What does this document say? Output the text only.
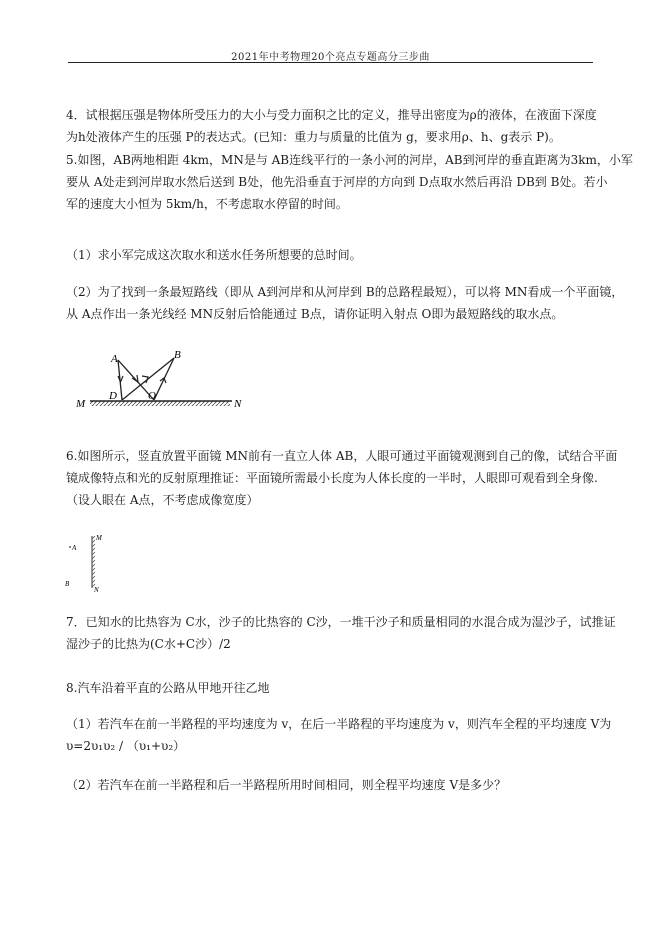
2021年中考物理20个亮点专题高分三步曲
4．试根据压强是物体所受压力的大小与受力面积之比的定义，推导出密度为ρ的液体，在液面下深度
为h处液体产生的压强 P的表达式。(已知：重力与质量的比值为 g，要求用ρ、h、g表示 P)。
5.如图，AB两地相距 4km，MN是与 AB连线平行的一条小河的河岸，AB到河岸的垂直距离为3km，小军
要从 A处走到河岸取水然后送到 B处，他先沿垂直于河岸的方向到 D点取水然后再沿 DB到 B处。若小
军的速度大小恒为 5km/h，不考虑取水停留的时间。
（1）求小军完成这次取水和送水任务所想要的总时间。
（2）为了找到一条最短路线（即从 A到河岸和从河岸到 B的总路程最短），可以将 MN看成一个平面镜，
从 A点作出一条光线经 MN反射后恰能通过 B点，请你证明入射点 O即为最短路线的取水点。
A	B
D	O
M	N
6.如图所示，竖直放置平面镜 MN前有一直立人体 AB，人眼可通过平面镜观测到自己的像，试结合平面
镜成像特点和光的反射原理推证：平面镜所需最小长度为人体长度的一半时，人眼即可观看到全身像.
（设人眼在 A点，不考虑成像宽度）
A
B
M
N
7．已知水的比热容为 C水，沙子的比热容的 C沙，一堆干沙子和质量相同的水混合成为湿沙子，试推证
湿沙子的比热为(C水+C沙）/2
8.汽车沿着平直的公路从甲地开往乙地
（1）若汽车在前一半路程的平均速度为 v，在后一半路程的平均速度为 v，则汽车全程的平均速度 V为
υ=2υ₁υ₂ / （υ₁+υ₂）
（2）若汽车在前一半路程和后一半路程所用时间相同，则全程平均速度 V是多少？
